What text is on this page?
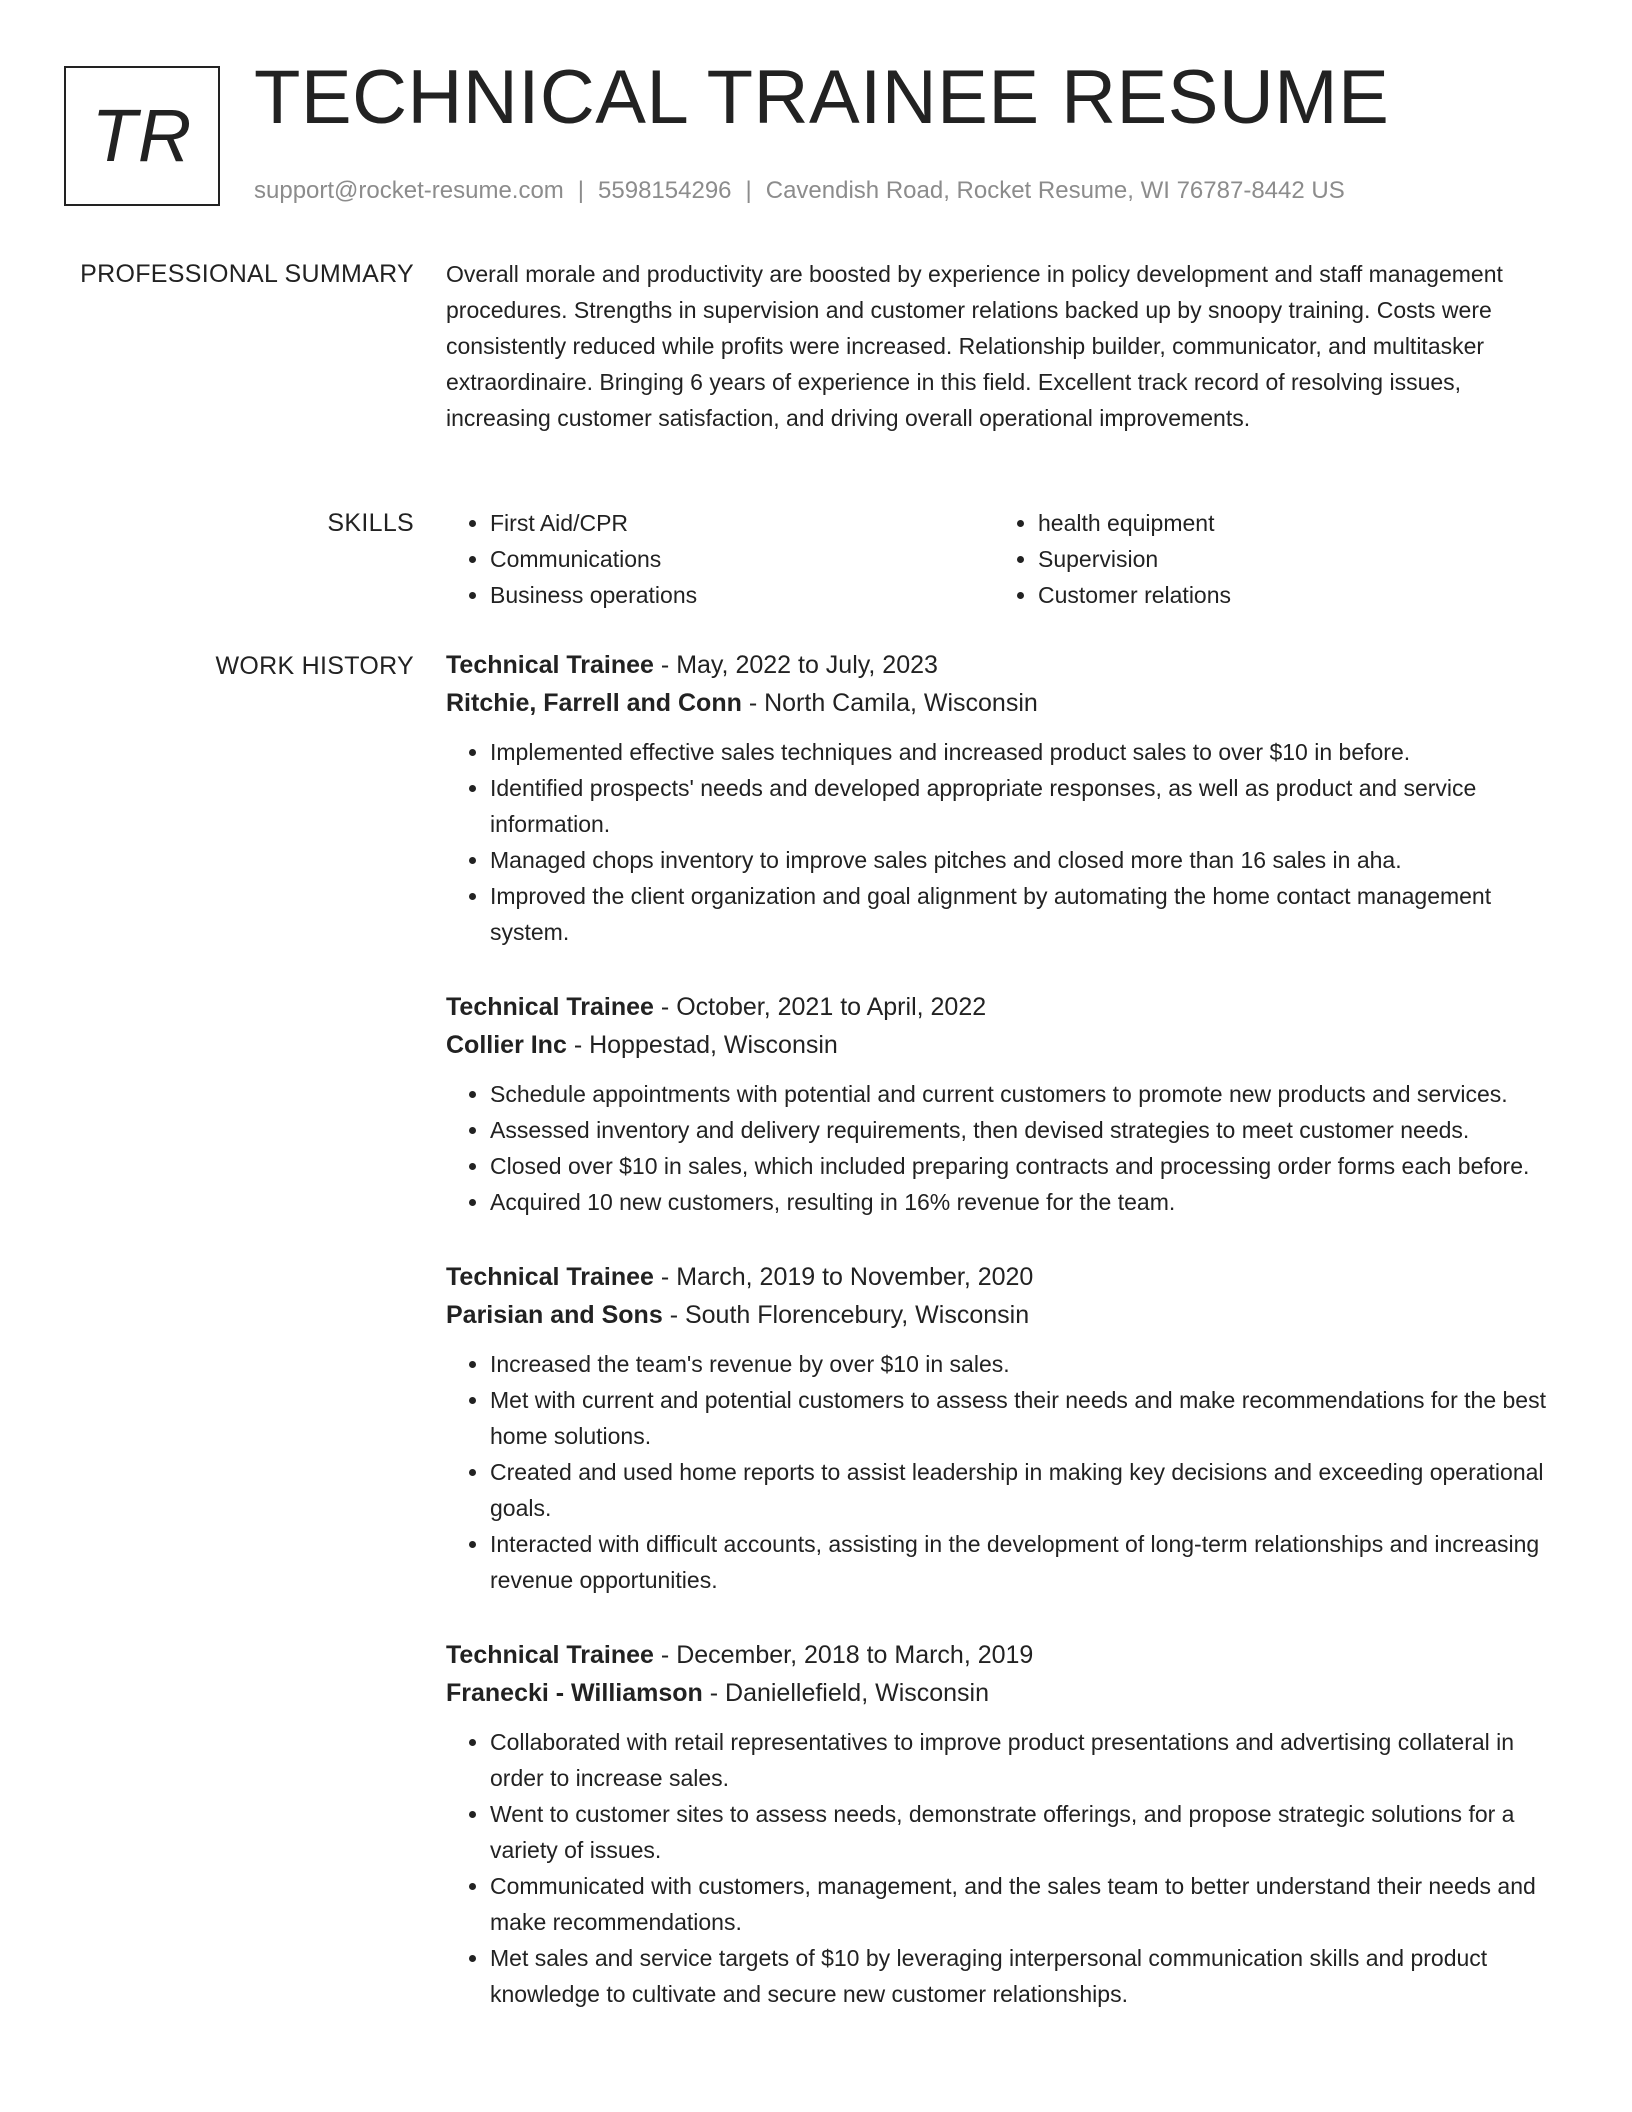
TR TECHNICAL TRAINEE RESUME
support@rocket-resume.com | 5598154296 | Cavendish Road, Rocket Resume, WI 76787-8442 US
PROFESSIONAL SUMMARY Overall morale and productivity are boosted by experience in policy development and staff management procedures. Strengths in supervision and customer relations backed up by snoopy training. Costs were consistently reduced while profits were increased. Relationship builder, communicator, and multitasker extraordinaire. Bringing 6 years of experience in this field. Excellent track record of resolving issues, increasing customer satisfaction, and driving overall operational improvements.

SKILLS
•	First Aid/CPR
• Communications
• Business operations
• health equipment
• Supervision
• Customer relations
WORK HISTORY Technical Trainee - May, 2022 to July, 2023
Ritchie, Farrell and Conn - North Camila, Wisconsin
• Implemented effective sales techniques and increased product sales to over $10 in before.
• Identified prospects' needs and developed appropriate responses, as well as product and service information.
• Managed chops inventory to improve sales pitches and closed more than 16 sales in aha.
• Improved the client organization and goal alignment by automating the home contact management system.
Technical Trainee - October, 2021 to April, 2022
Collier Inc - Hoppestad, Wisconsin
• Schedule appointments with potential and current customers to promote new products and services.
• Assessed inventory and delivery requirements, then devised strategies to meet customer needs.
• Closed over $10 in sales, which included preparing contracts and processing order forms each before.
• Acquired 10 new customers, resulting in 16% revenue for the team.
Technical Trainee - March, 2019 to November, 2020
Parisian and Sons - South Florencebury, Wisconsin
• Increased the team's revenue by over $10 in sales.
• Met with current and potential customers to assess their needs and make recommendations for the best home solutions.
• Created and used home reports to assist leadership in making key decisions and exceeding operational goals.
• Interacted with difficult accounts, assisting in the development of long-term relationships and increasing revenue opportunities.
Technical Trainee - December, 2018 to March, 2019
Franecki - Williamson - Daniellefield, Wisconsin
• Collaborated with retail representatives to improve product presentations and advertising collateral in order to increase sales.
• Went to customer sites to assess needs, demonstrate offerings, and propose strategic solutions for a variety of issues.
• Communicated with customers, management, and the sales team to better understand their needs and make recommendations.
• Met sales and service targets of $10 by leveraging interpersonal communication skills and product knowledge to cultivate and secure new customer relationships.
